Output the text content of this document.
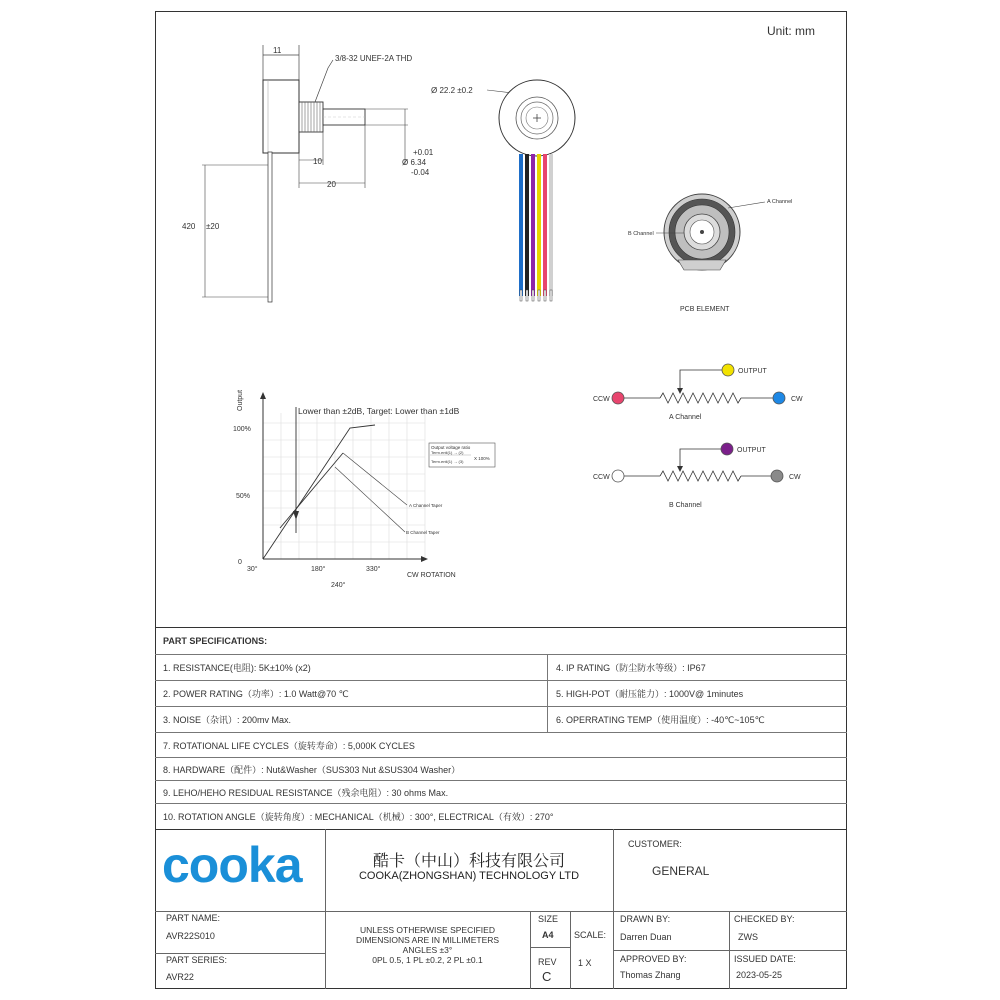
Unit: mm
11
3/8-32 UNEF-2A THD
+0.01
Ø 6.34
-0.04
10
20
420 ±20
Ø 22.2 ±0.2
A Channel
B Channel
PCB ELEMENT
CCW	CW
OUTPUT
A Channel
CCW	CW
OUTPUT
B Channel
Output
100%
50%
0
30°	180°	330°
240°
CW ROTATION
A Channel Taper
B Channel Taper
Lower than ±2dB, Target: Lower than ±1dB
Output voltage ratio
Term.entl(1) → (2)
Term.entl(1) → (3)
X 100%
PART SPECIFICATIONS:
1. RESISTANCE(电阻): 5K±10% (x2)	4. IP RATING（防尘防水等级）: IP67
2. POWER RATING（功率）: 1.0 Watt@70 ℃	5. HIGH-POT（耐压能力）: 1000V@ 1minutes
3. NOISE（杂讯）: 200mv Max.	6. OPERRATING TEMP（使用温度）: -40℃~105℃
7. ROTATIONAL LIFE CYCLES（旋转寿命）: 5,000K CYCLES
8. HARDWARE（配件）: Nut&Washer（SUS303 Nut &SUS304 Washer）
9. LEHO/HEHO RESIDUAL RESISTANCE（残余电阻）: 30 ohms Max.
10. ROTATION ANGLE（旋转角度）: MECHANICAL（机械）: 300°, ELECTRICAL（有效）: 270°
cooka	酷卡（中山）科技有限公司
COOKA(ZHONGSHAN) TECHNOLOGY LTD
CUSTOMER:
GENERAL
PART NAME:
AVR22S010
PART SERIES:
AVR22
UNLESS OTHERWISE SPECIFIED
DIMENSIONS ARE IN MILLIMETERS
ANGLES ±3°
0PL 0.5, 1 PL ±0.2, 2 PL ±0.1
SIZE
A4 SCALE:
REV
C
1 X
DRAWN BY:
Darren Duan
CHECKED BY:
ZWS
APPROVED BY:
Thomas Zhang
ISSUED DATE:
2023-05-25
